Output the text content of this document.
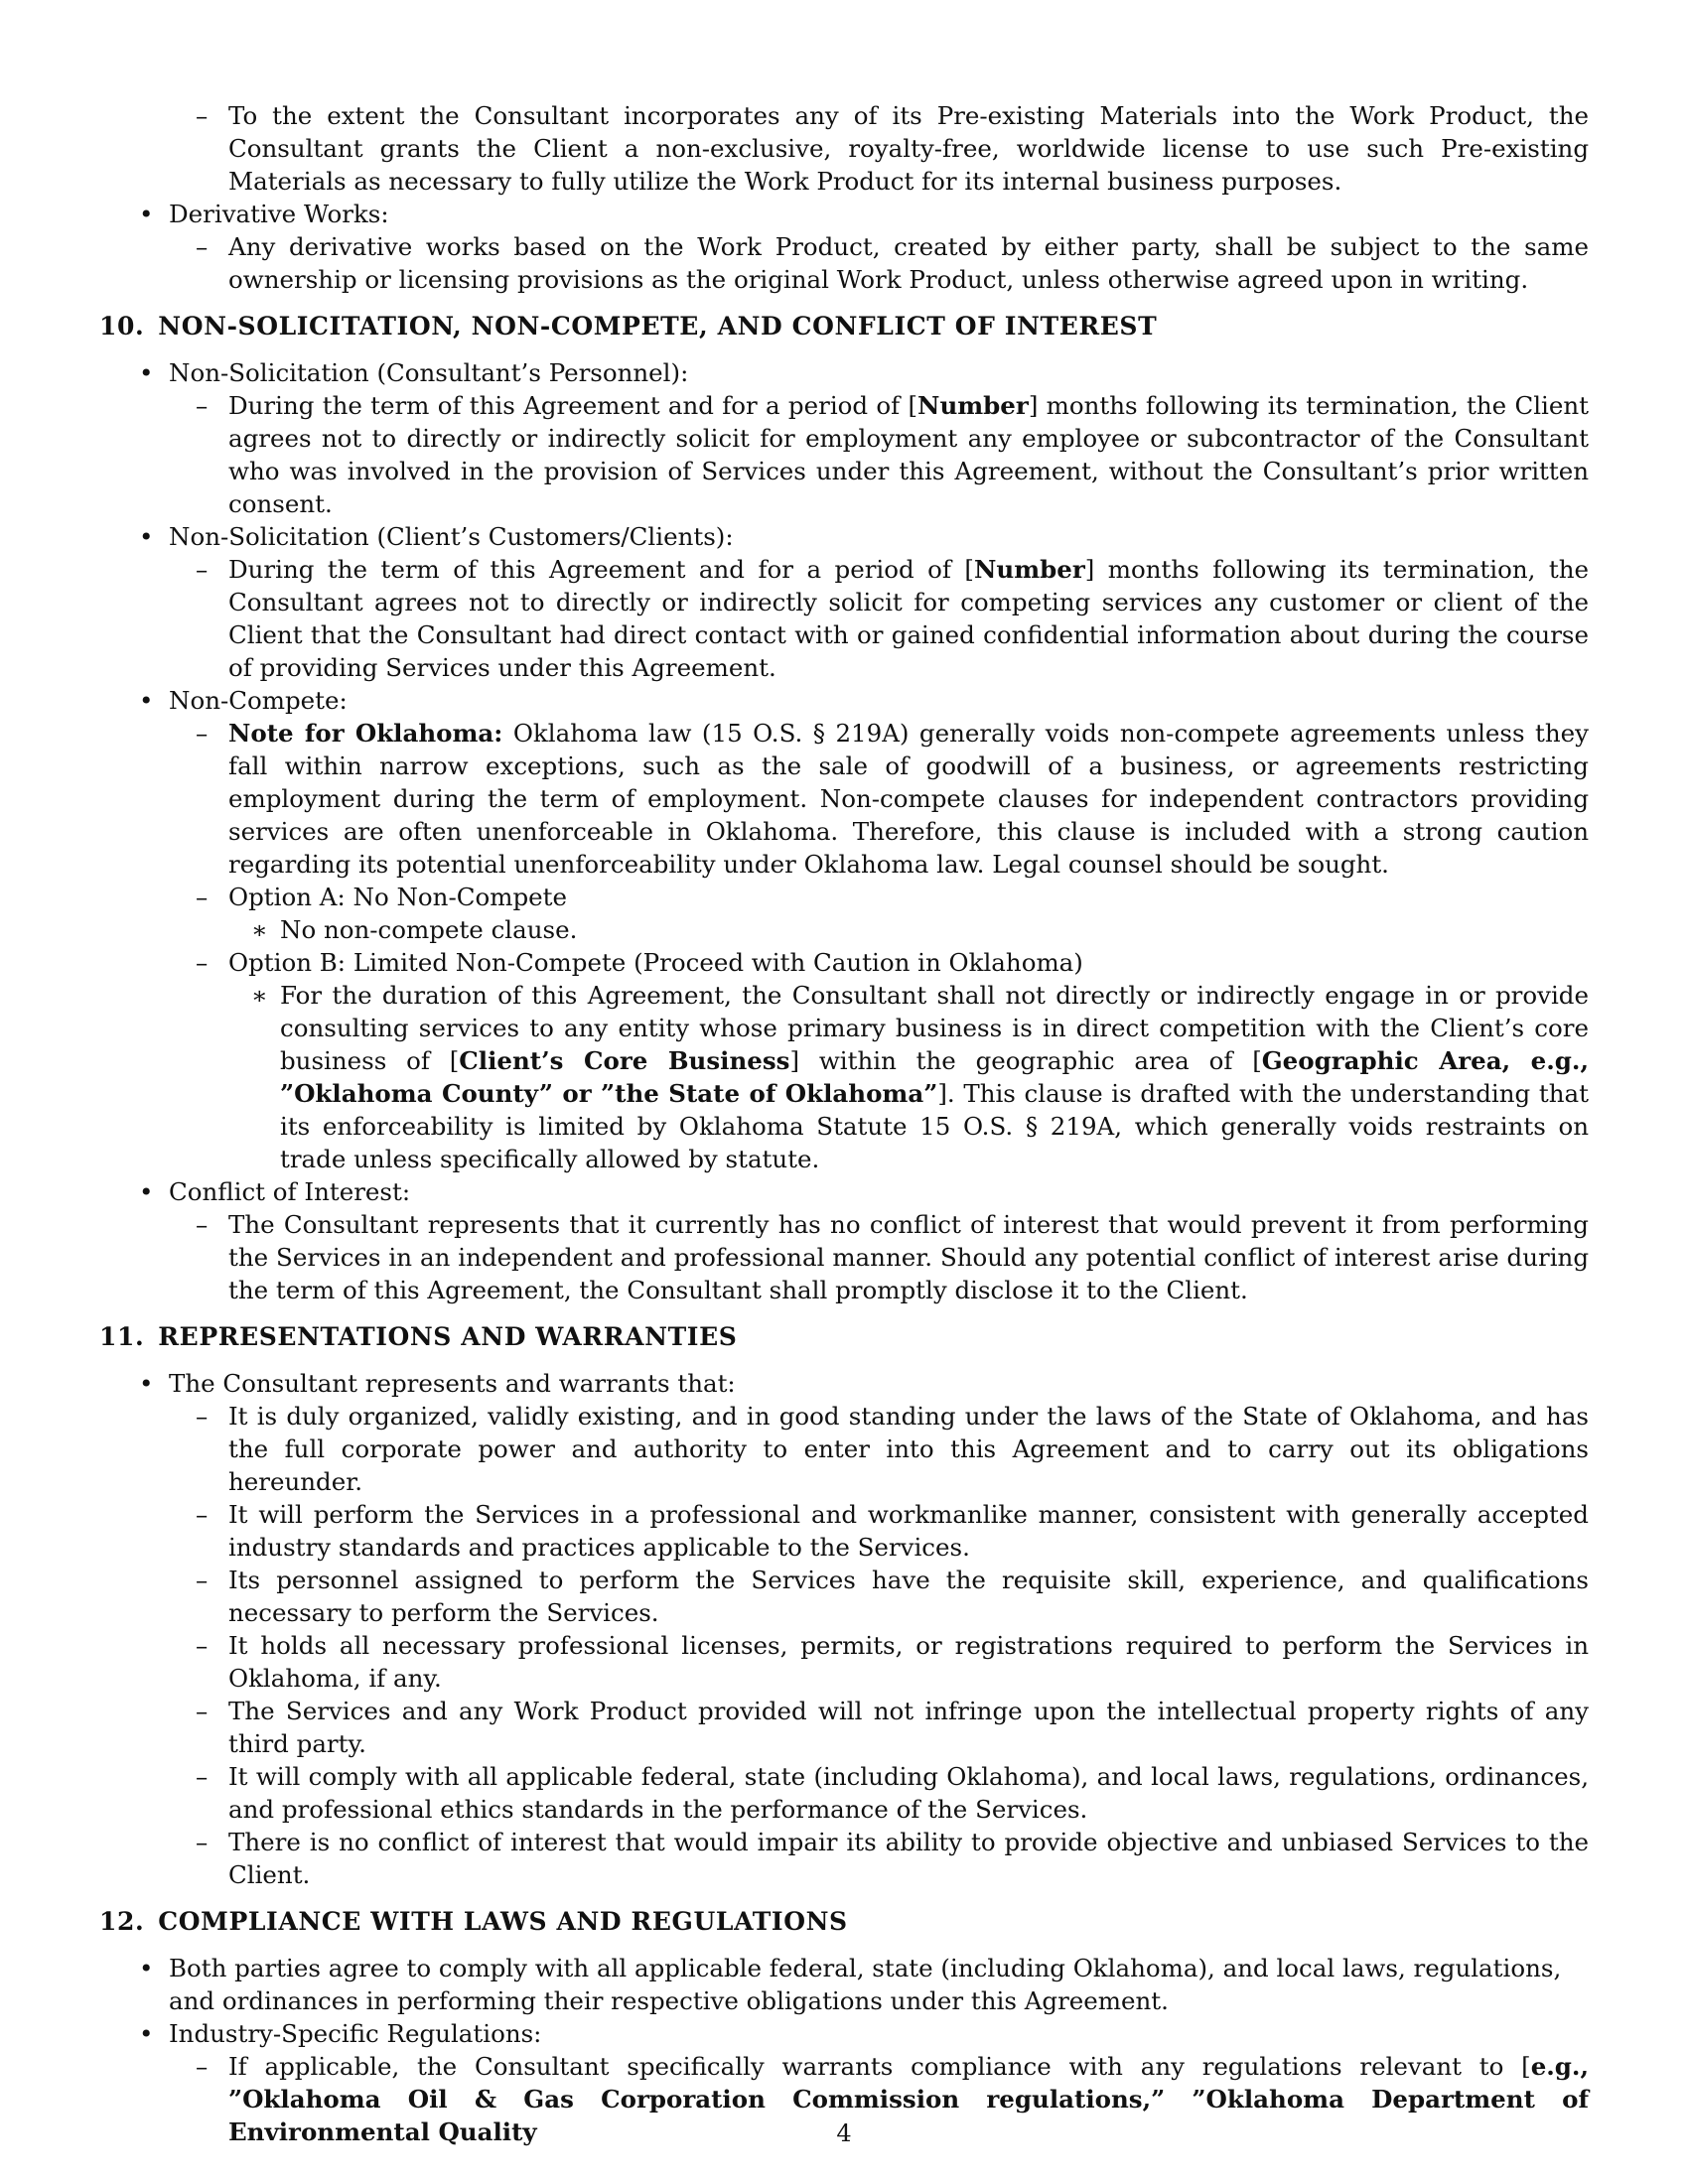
– To the extent the Consultant incorporates any of its Pre-existing Materials into the Work Product, the Consultant grants the Client a non-exclusive, royalty-free, worldwide license to use such Pre-existing Materials as necessary to fully utilize the Work Product for its internal business purposes.
• Derivative Works:
– Any derivative works based on the Work Product, created by either party, shall be subject to the same ownership or licensing provisions as the original Work Product, unless otherwise agreed upon in writing.
10. NON-SOLICITATION, NON-COMPETE, AND CONFLICT OF INTEREST
• Non-Solicitation (Consultant’s Personnel):
– During the term of this Agreement and for a period of [Number] months following its termination, the Client agrees not to directly or indirectly solicit for employment any employee or subcontractor of the Consultant who was involved in the provision of Services under this Agreement, without the Consultant’s prior written consent.
• Non-Solicitation (Client’s Customers/Clients):
– During the term of this Agreement and for a period of [Number] months following its termination, the Consultant agrees not to directly or indirectly solicit for competing services any customer or client of the Client that the Consultant had direct contact with or gained confidential information about during the course of providing Services under this Agreement.
• Non-Compete:
– Note for Oklahoma: Oklahoma law (15 O.S. § 219A) generally voids non-compete agreements unless they fall within narrow exceptions, such as the sale of goodwill of a business, or agreements restricting employment during the term of employment. Non-compete clauses for independent contractors providing services are often unenforceable in Oklahoma. Therefore, this clause is included with a strong caution regarding its potential unenforceability under Oklahoma law. Legal counsel should be sought.
– Option A: No Non-Compete
∗ No non-compete clause.
– Option B: Limited Non-Compete (Proceed with Caution in Oklahoma)
∗ For the duration of this Agreement, the Consultant shall not directly or indirectly engage in or provide consulting services to any entity whose primary business is in direct competition with the Client’s core business of [Client’s Core Business] within the geographic area of [Geographic Area, e.g., ”Oklahoma County” or ”the State of Oklahoma”]. This clause is drafted with the understanding that its enforceability is limited by Oklahoma Statute 15 O.S. § 219A, which generally voids restraints on trade unless specifically allowed by statute.
• Conflict of Interest:
– The Consultant represents that it currently has no conflict of interest that would prevent it from performing the Services in an independent and professional manner. Should any potential conflict of interest arise during the term of this Agreement, the Consultant shall promptly disclose it to the Client.
11. REPRESENTATIONS AND WARRANTIES
• The Consultant represents and warrants that:
– It is duly organized, validly existing, and in good standing under the laws of the State of Oklahoma, and has the full corporate power and authority to enter into this Agreement and to carry out its obligations hereunder.
– It will perform the Services in a professional and workmanlike manner, consistent with generally accepted industry standards and practices applicable to the Services.
– Its personnel assigned to perform the Services have the requisite skill, experience, and qualifications necessary to perform the Services.
– It holds all necessary professional licenses, permits, or registrations required to perform the Services in Oklahoma, if any.
– The Services and any Work Product provided will not infringe upon the intellectual property rights of any third party.
– It will comply with all applicable federal, state (including Oklahoma), and local laws, regulations, ordinances, and professional ethics standards in the performance of the Services.
– There is no conflict of interest that would impair its ability to provide objective and unbiased Services to the Client.
12. COMPLIANCE WITH LAWS AND REGULATIONS
• Both parties agree to comply with all applicable federal, state (including Oklahoma), and local laws, regulations, and ordinances in performing their respective obligations under this Agreement.
• Industry-Specific Regulations:
– If applicable, the Consultant specifically warrants compliance with any regulations relevant to [e.g., ”Oklahoma Oil & Gas Corporation Commission regulations,” ”Oklahoma Department of Environmental Quality	4
